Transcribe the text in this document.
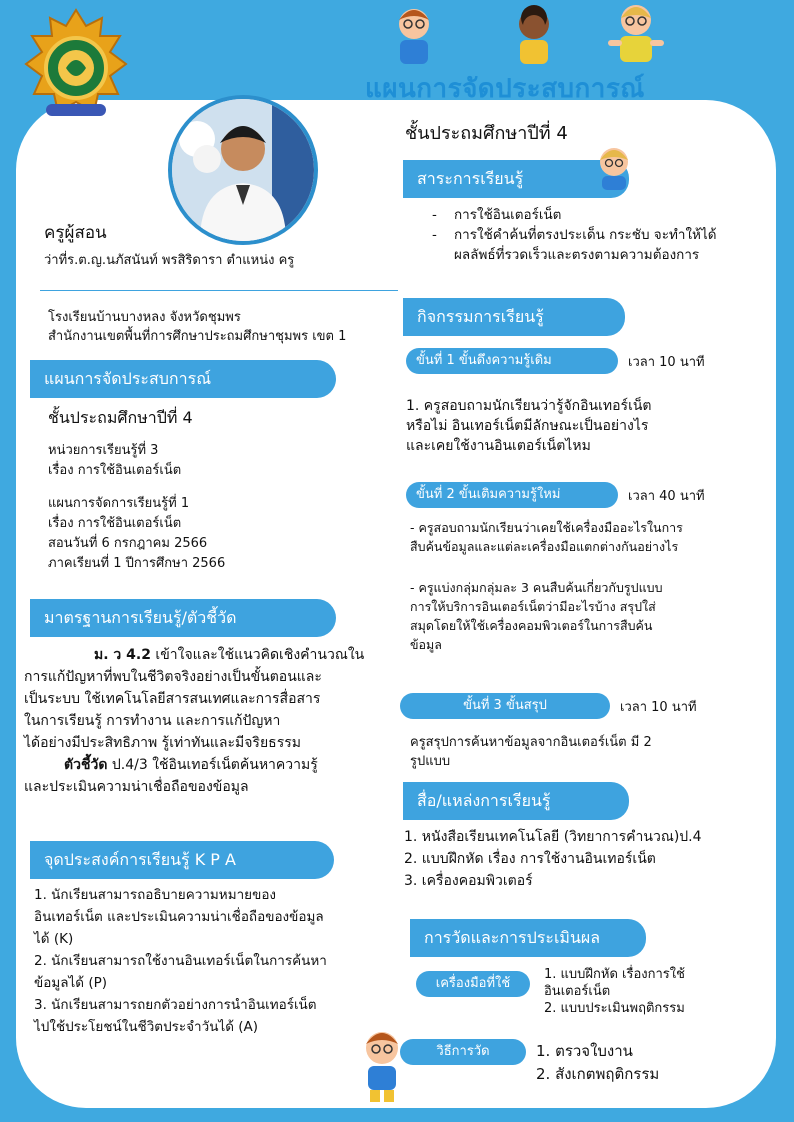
แผนการจัดประสบการณ์
ชั้นประถมศึกษาปีที่ 4
ครูผู้สอน
ว่าที่ร.ต.ญ.นภัสนันท์ พรสิริดารา ตำแหน่ง ครู
โรงเรียนบ้านบางหลง จังหวัดชุมพร
สำนักงานเขตพื้นที่การศึกษาประถมศึกษาชุมพร เขต 1
แผนการจัดประสบการณ์
ชั้นประถมศึกษาปีที่ 4
หน่วยการเรียนรู้ที่ 3
เรื่อง การใช้อินเตอร์เน็ต
แผนการจัดการเรียนรู้ที่ 1
เรื่อง การใช้อินเตอร์เน็ต
สอนวันที่ 6 กรกฎาคม 2566
ภาคเรียนที่ 1 ปีการศึกษา 2566
มาตรฐานการเรียนรู้/ตัวชี้วัด
ม. ว 4.2 เข้าใจและใช้แนวคิดเชิงคำนวณใน
การแก้ปัญหาที่พบในชีวิตจริงอย่างเป็นขั้นตอนและ
เป็นระบบ ใช้เทคโนโลยีสารสนเทศและการสื่อสาร
ในการเรียนรู้ การทำงาน และการแก้ปัญหา
ได้อย่างมีประสิทธิภาพ รู้เท่าทันและมีจริยธรรม
ตัวชี้วัด ป.4/3 ใช้อินเทอร์เน็ตค้นหาความรู้
และประเมินความน่าเชื่อถือของข้อมูล
จุดประสงค์การเรียนรู้ K P A
1. นักเรียนสามารถอธิบายความหมายของ
อินเทอร์เน็ต และประเมินความน่าเชื่อถือของข้อมูล
ได้ (K)
2. นักเรียนสามารถใช้งานอินเทอร์เน็ตในการค้นหา
ข้อมูลได้ (P)
3. นักเรียนสามารถยกตัวอย่างการนำอินเทอร์เน็ต
ไปใช้ประโยชน์ในชีวิตประจำวันได้ (A)
สาระการเรียนรู้
- การใช้อินเตอร์เน็ต
- การใช้คำค้นที่ตรงประเด็น กระชับ จะทำให้ได้ผลลัพธ์ที่รวดเร็วและตรงตามความต้องการ
กิจกรรมการเรียนรู้
ขั้นที่ 1 ขั้นดึงความรู้เดิม	เวลา 10 นาที
1. ครูสอบถามนักเรียนว่ารู้จักอินเทอร์เน็ต
หรือไม่ อินเทอร์เน็ตมีลักษณะเป็นอย่างไร
และเคยใช้งานอินเตอร์เน็ตไหม
ขั้นที่ 2 ขั้นเติมความรู้ใหม่	เวลา 40 นาที
- ครูสอบถามนักเรียนว่าเคยใช้เครื่องมืออะไรในการ
สืบค้นข้อมูลและแต่ละเครื่องมือแตกต่างกันอย่างไร
- ครูแบ่งกลุ่มกลุ่มละ 3 คนสืบค้นเกี่ยวกับรูปแบบ
การให้บริการอินเตอร์เน็ตว่ามีอะไรบ้าง สรุปใส่
สมุดโดยให้ใช้เครื่องคอมพิวเตอร์ในการสืบค้น
ข้อมูล
ขั้นที่ 3 ขั้นสรุป	เวลา 10 นาที
ครูสรุปการค้นหาข้อมูลจากอินเตอร์เน็ต มี 2
รูปแบบ
สื่อ/แหล่งการเรียนรู้
1. หนังสือเรียนเทคโนโลยี (วิทยาการคำนวณ)ป.4
2. แบบฝึกหัด เรื่อง การใช้งานอินเทอร์เน็ต
3. เครื่องคอมพิวเตอร์
การวัดและการประเมินผล
เครื่องมือที่ใช้
1. แบบฝึกหัด เรื่องการใช้
อินเตอร์เน็ต
2. แบบประเมินพฤติกรรม
วิธีการวัด	1. ตรวจใบงาน
2. สังเกตพฤติกรรม
